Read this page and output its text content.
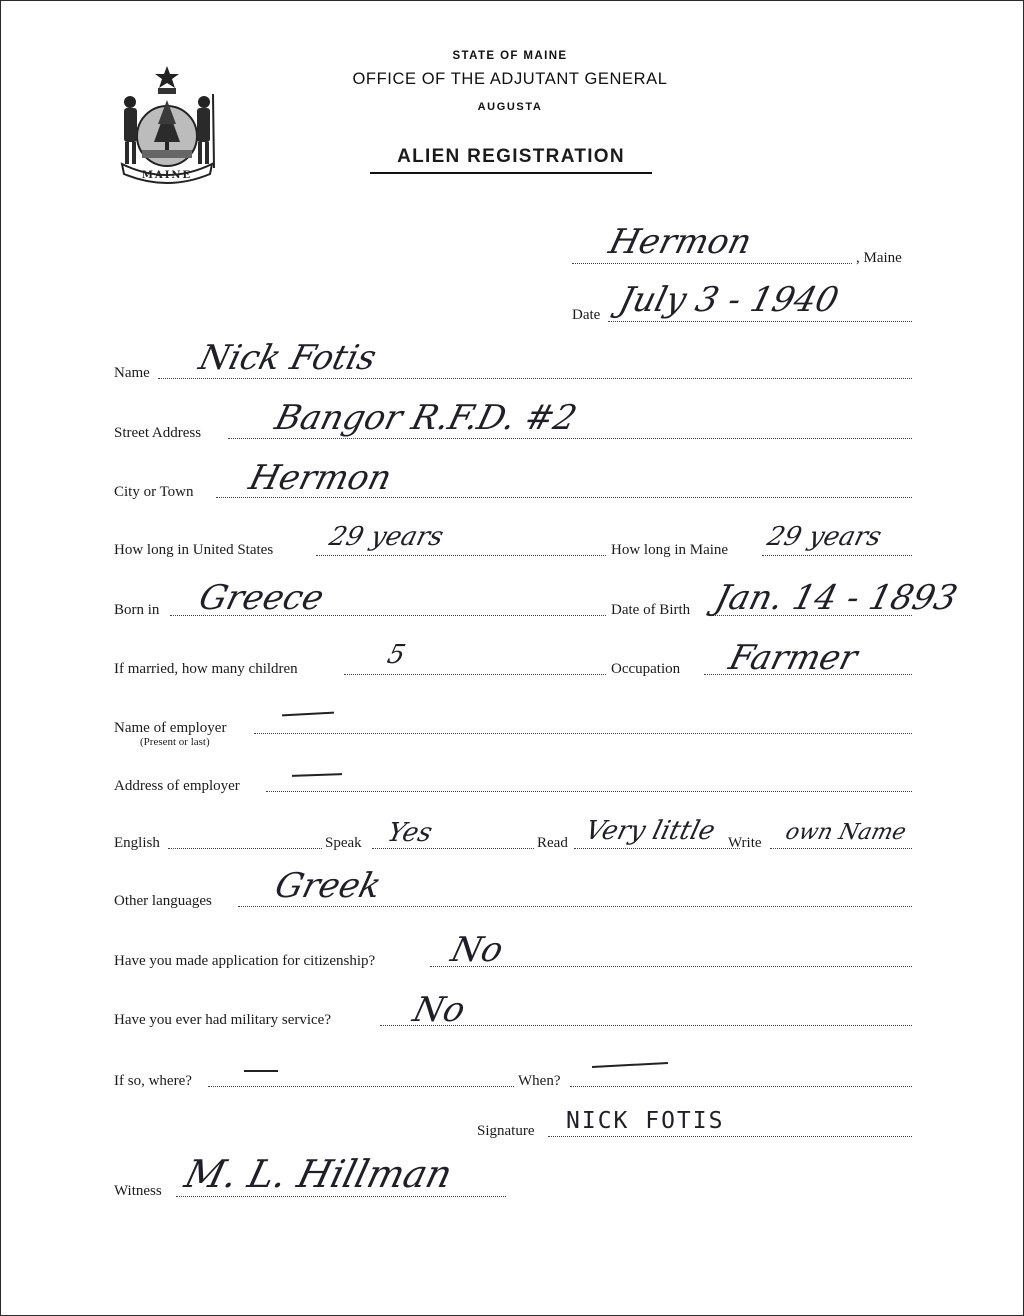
MAINE
STATE OF MAINE
OFFICE OF THE ADJUTANT GENERAL
AUGUSTA
ALIEN REGISTRATION
Hermon	, Maine
Date July 3 - 1940
Name Nick Fotis
Street Address Bangor R.F.D. #2
City or Town Hermon
How long in United States 29 years	How long in Maine 29 years
Born in Greece	Date of Birth Jan. 14 - 1893
If married, how many children	5	Occupation Farmer
Name of employer
(Present or last)
Address of employer
English	Speak Yes	Read Very little Write own Name
Other languages Greek
Have you made application for citizenship? No
Have you ever had military service? No
If so, where?	When?
Signature NICK FOTIS
Witness M. L. Hillman
